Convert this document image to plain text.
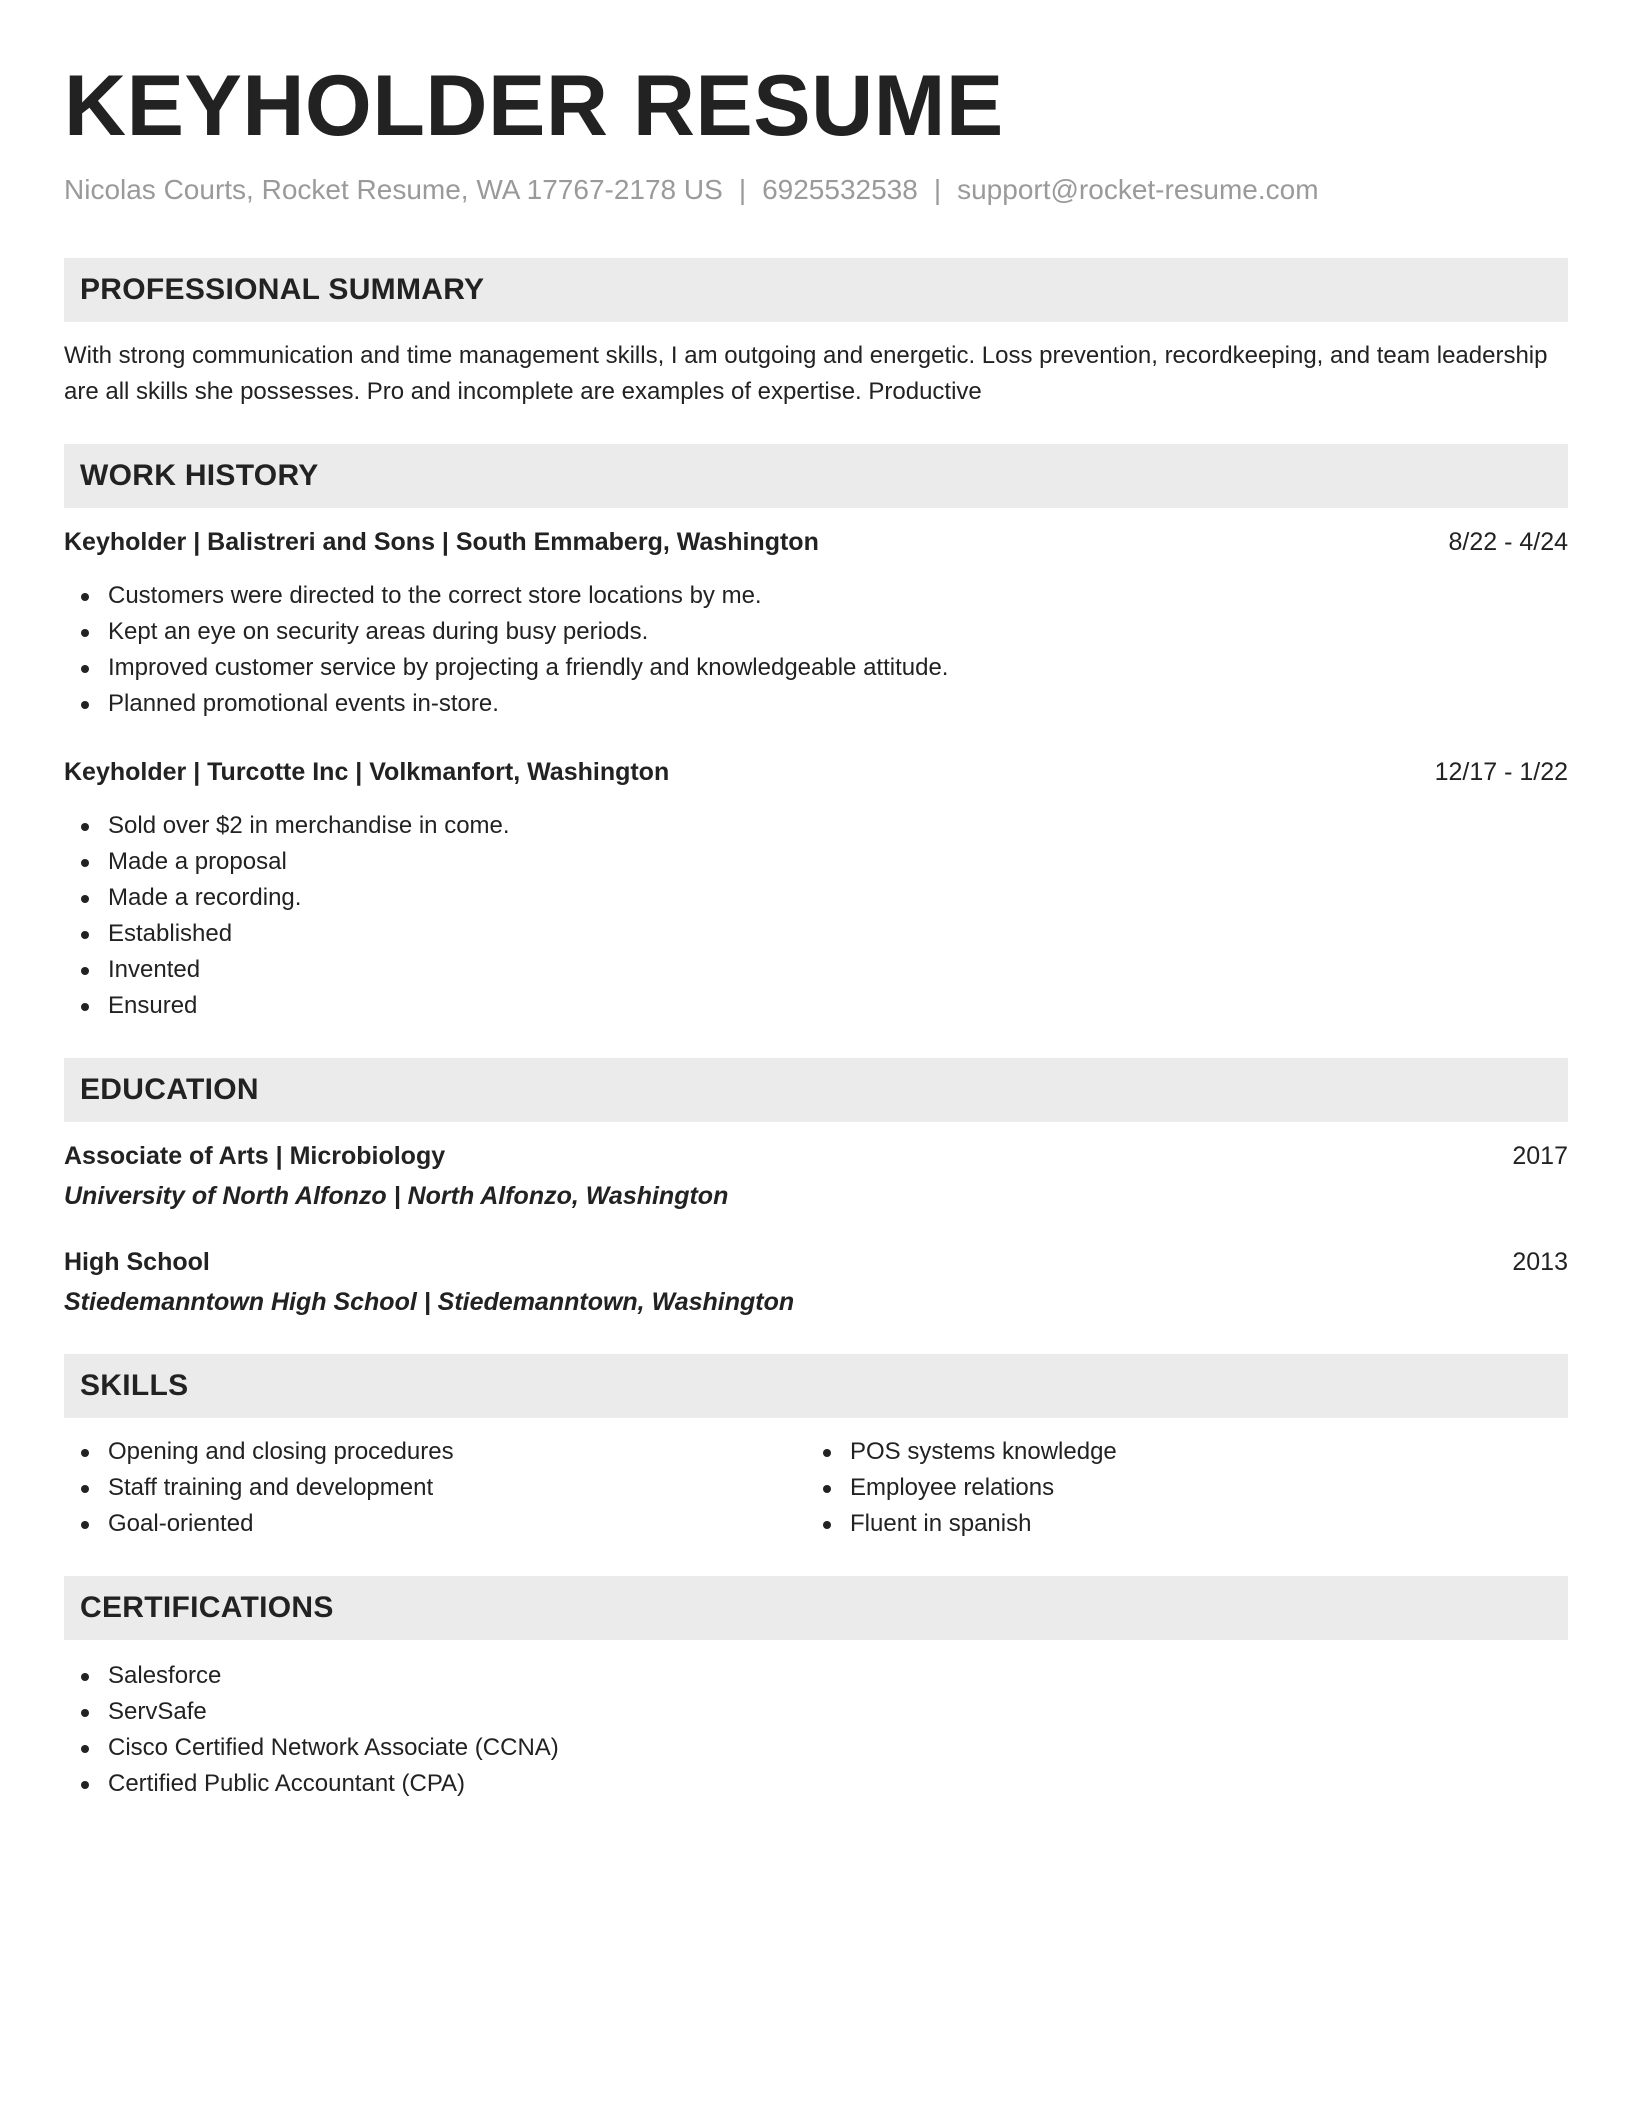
KEYHOLDER RESUME
Nicolas Courts, Rocket Resume, WA 17767-2178 US | 6925532538 | support@rocket-resume.com
PROFESSIONAL SUMMARY

With strong communication and time management skills, I am outgoing and energetic. Loss prevention, recordkeeping, and team leadership are all skills she possesses. Pro and incomplete are examples of expertise. Productive

WORK HISTORY
Keyholder | Balistreri and Sons | South Emmaberg, Washington	8/22 - 4/24
Customers were directed to the correct store locations by me.
Kept an eye on security areas during busy periods.
Improved customer service by projecting a friendly and knowledgeable attitude.
Planned promotional events in-store.
Keyholder | Turcotte Inc | Volkmanfort, Washington	12/17 - 1/22
Sold over $2 in merchandise in come.
Made a proposal
Made a recording.
Established
Invented
Ensured
EDUCATION
Associate of Arts | Microbiology	2017
University of North Alfonzo | North Alfonzo, Washington
High School	2013
Stiedemanntown High School | Stiedemanntown, Washington
SKILLS
Opening and closing procedures
Staff training and development
Goal-oriented
POS systems knowledge
Employee relations
Fluent in spanish
CERTIFICATIONS
Salesforce
ServSafe
Cisco Certified Network Associate (CCNA)
Certified Public Accountant (CPA)
